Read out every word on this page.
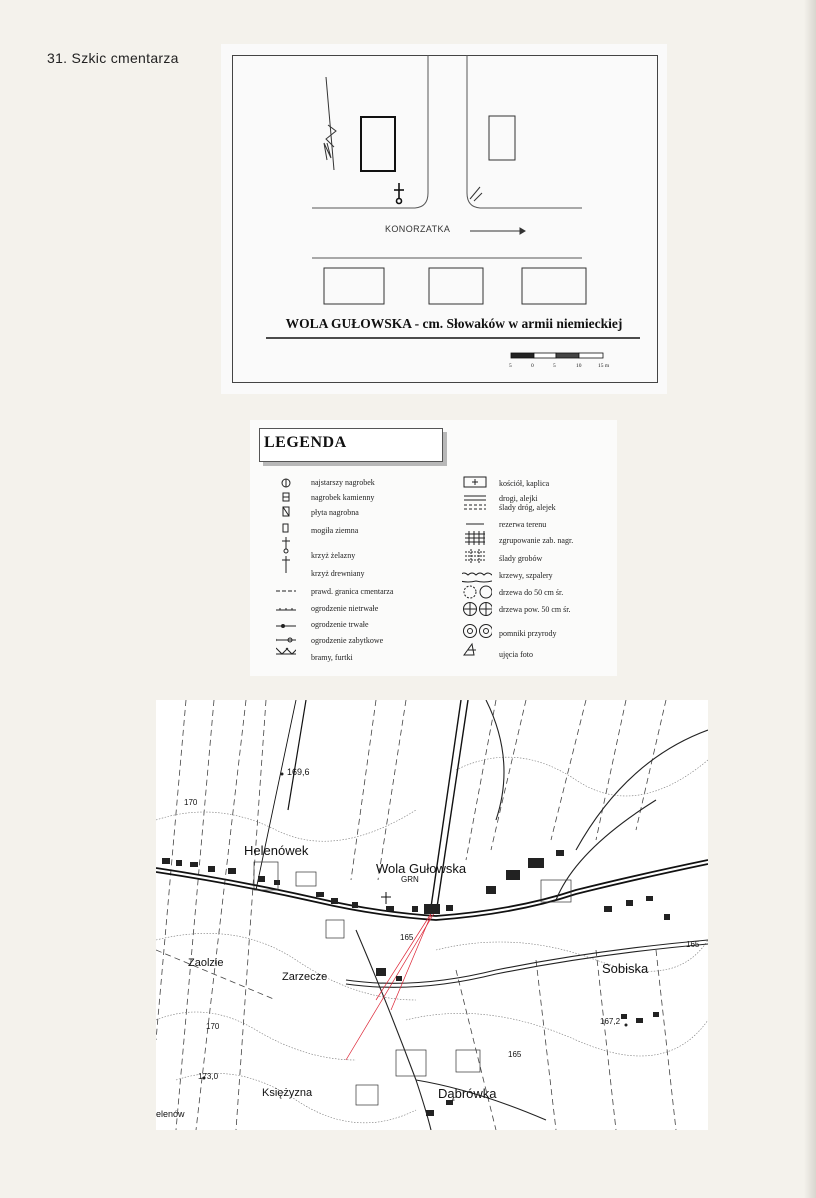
31. Szkic cmentarza
5	0	5	10	15 m
KONORZATKA
WOLA GUŁOWSKA - cm. Słowaków w armii niemieckiej
LEGENDA
najstarszy nagrobek
nagrobek kamienny
płyta nagrobna
mogiła ziemna
krzyż żelazny
krzyż drewniany
prawd. granica cmentarza
ogrodzenie nietrwałe
ogrodzenie trwałe
ogrodzenie zabytkowe
bramy, furtki
kościół, kaplica
drogi, alejki
ślady dróg, alejek
rezerwa terenu
zgrupowanie zab. nagr.
ślady grobów
krzewy, szpalery
drzewa do 50 cm śr.
drzewa pow. 50 cm śr.
pomniki przyrody
ujęcia foto
Helenówek
Wola Gułowska
GRN
Zaolzie
Zarzecze
Sobiska
Księżyzna	Dąbrówka
elenów
169,6
170
170
173,0
167,2
165
165
165
